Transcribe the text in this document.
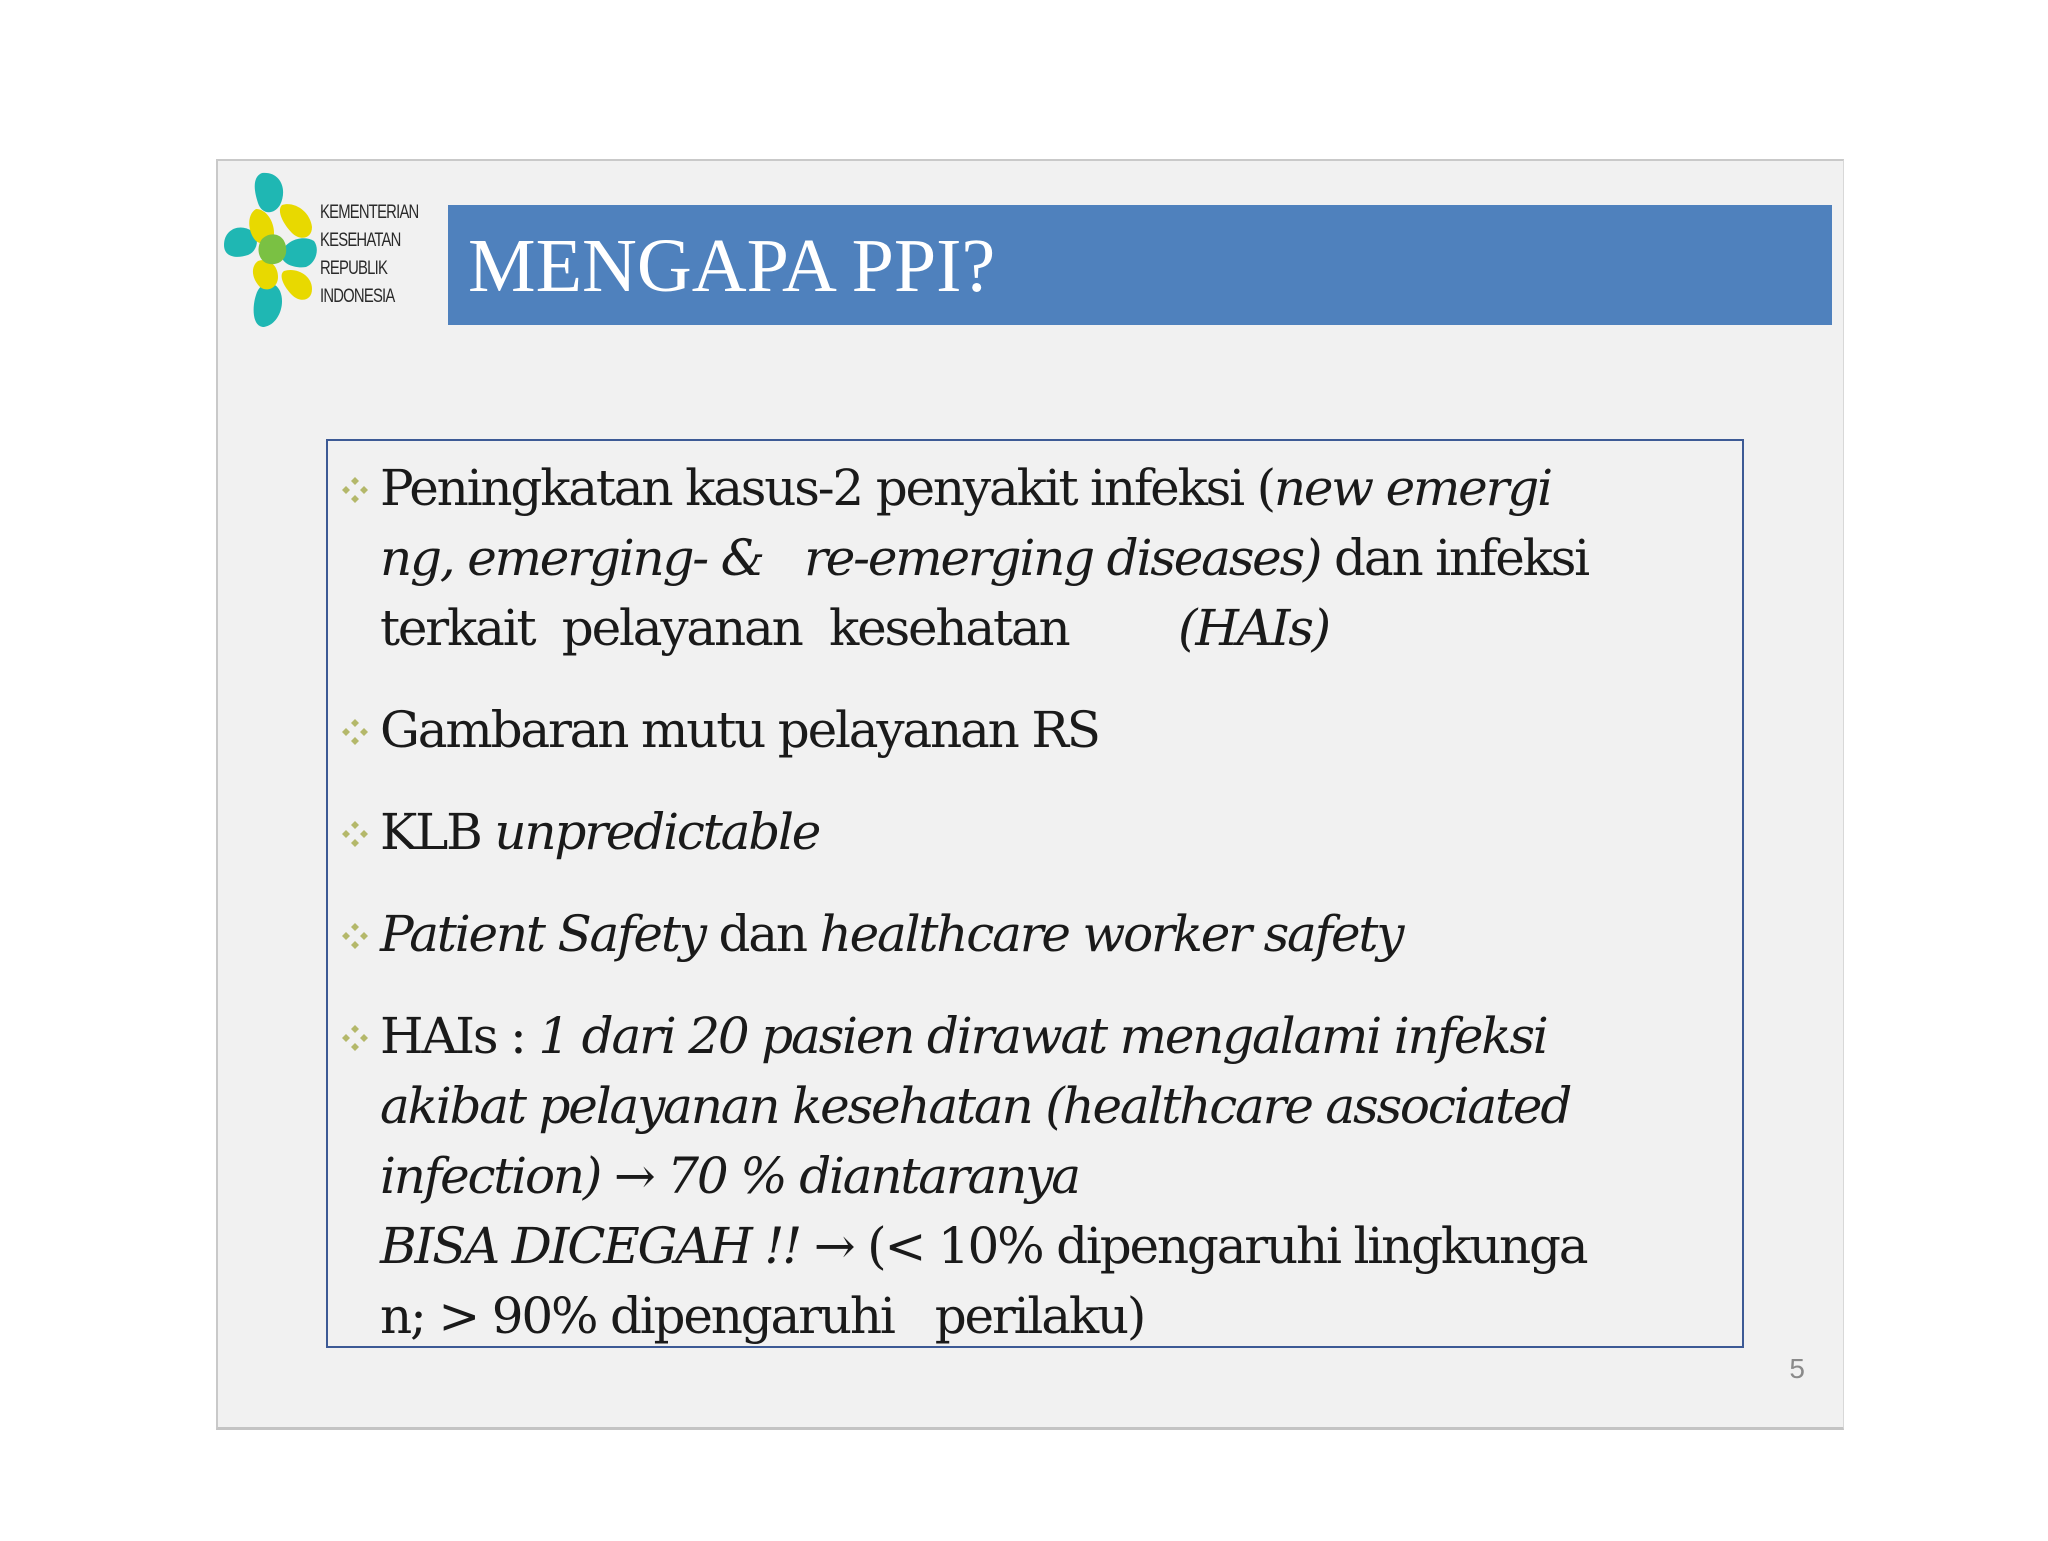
KEMENTERIAN
KESEHATAN
REPUBLIK
INDONESIA MENGAPA PPI?
Peningkatan kasus-2 penyakit infeksi (new emergi
ng, emerging- &   re-emerging diseases) dan infeksi
terkait  pelayanan  kesehatan        (HAIs)
Gambaran mutu pelayanan RS
KLB unpredictable
Patient Safety dan healthcare worker safety
HAIs : 1 dari 20 pasien dirawat mengalami infeksi
akibat pelayanan kesehatan (healthcare associated
infection) → 70 % diantaranya
BISA DICEGAH !! → (< 10% dipengaruhi lingkunga
n; > 90% dipengaruhi   perilaku)
5
